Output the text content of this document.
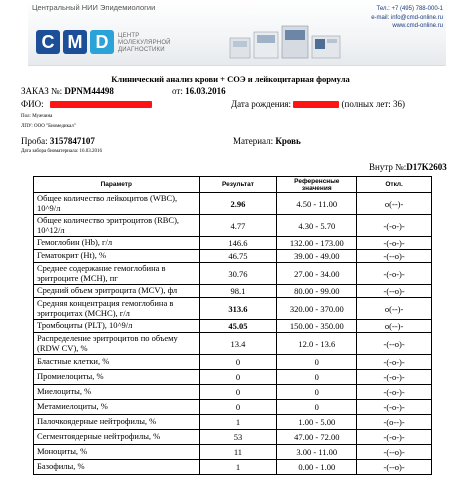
Центральный НИИ Эпидемиологии
C M D ЦЕНТР
МОЛЕКУЛЯРНОЙ
ДИАГНОСТИКИ
Тел.: +7 (495) 788-000-1
e-mail: info@cmd-online.ru
www.cmd-online.ru
Клинический анализ крови + СОЭ и лейкоцитарная формула
ЗАКАЗ №: DPNM44498	от: 16.03.2016
ФИО:	Дата рождения:	(полных лет: 36)
Пол: Мужчина
ЛПУ: ООО "Биомедикал"
Проба: 3157847107	Материал: Кровь
Дата забора биоматериала: 16.03.2016
Внутр №:D17K2603
Параметр	Результат	Референсные значения	Откл.
Общее количество лейкоцитов (WBC), 10^9/л	2.96	4.50 - 11.00	o(--)-
Общее количество эритроцитов (RBC), 10^12/л	4.77	4.30 - 5.70	-(-o-)-
Гемоглобин (Hb), г/л	146.6	132.00 - 173.00	-(-o-)-
Гематокрит (Ht), %	46.75	39.00 - 49.00	-(--o)-
Среднее содержание гемоглобина в эритроците (MCH), пг	30.76	27.00 - 34.00	-(-o-)-
Средний объем эритроцита (MCV), фл	98.1	80.00 - 99.00	-(--o)-
Средняя концентрация гемоглобина в эритроцитах (MCHC), г/л	313.6	320.00 - 370.00	o(--)-
Тромбоциты (PLT), 10^9/л	45.05	150.00 - 350.00	o(--)-
Распределение эритроцитов по объему (RDW CV), %	13.4	12.0 - 13.6	-(--o)-
Бластные клетки, %	0	0	-(-o-)-
Промиелоциты, %	0	0	-(-o-)-
Миелоциты, %	0	0	-(-o-)-
Метамиелоциты, %	0	0	-(-o-)-
Палочкоядерные нейтрофилы, %	1	1.00 - 5.00	-(o--)-
Сегментоядерные нейтрофилы, %	53	47.00 - 72.00	-(-o-)-
Моноциты, %	11	3.00 - 11.00	-(--o)-
Базофилы, %	1	0.00 - 1.00	-(--o)-
